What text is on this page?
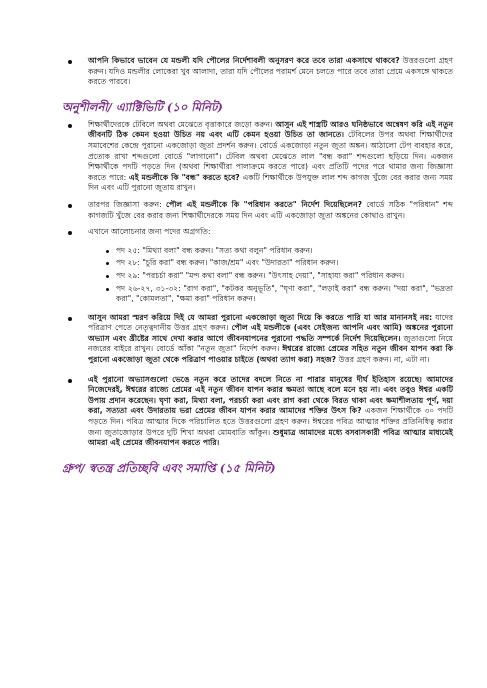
আপনি কিভাবে ভাবেন যে মন্ডলী যদি পৌলের নির্দেশাবলী অনুসরণ করে তবে তারা একসাথে থাকবে? উত্তরগুলো গ্রহণ করুন। যদিও মন্ডলীর লোকেরা খুব আলাদা, তারা যদি পৌলের পরামর্শ মেনে চলতে পারে তবে তারা প্রেমে একসঙ্গে থাকতে করতে পারবে।

অনুশীলনী/ এ্যাক্টিভিটি (১০ মিনিট)

শিক্ষার্থীদেরকে টেবিলে অথবা মেঝেতে বৃত্তাকারে জড়ো করুন। আসুন এই শাস্ত্রটি আরও ঘনিষ্ঠভাবে অন্বেষণ করি এই নতুন জীবনটি ঠিক কেমন হওয়া উচিত নয় এবং এটি কেমন হওয়া উচিত তা জানতে। টেবিলের উপর অথবা শিক্ষার্থীদের সমাবেশের কেন্দ্রে পুরানো একজোড়া জুতা প্রদর্শন করুন। বোর্ডে একজোড়া নতুন জুতা অঙ্কন। আঠালো টেপ ব্যবহার করে, প্রত্যেক রাখা শব্দগুলো বোর্ডে "লাগানো"। টেবিল অথবা মেঝেতে লাল "বন্ধ করা" শব্দগুলো ছড়িয়ে দিন। একজন শিক্ষার্থীকে পদটি পড়তে দিন (অথবা শিক্ষার্থীরা পালাক্রমে করতে পারে) এবং প্রতিটি পদের পরে থামার জন্য জিজ্ঞাসা করতে পারে: এই মন্ডলীকে কি "বন্ধ" করতে হবে? একটি শিক্ষার্থীকে উপযুক্ত লাল শব্দ কাগজ খুঁজে বের করার জন্য সময় দিন এবং এটি পুরানো জুতায় রাখুন।

তারপর জিজ্ঞাসা করুন: পৌল এই মন্ডলীকে কি "পরিধান করতে" নির্দেশ দিয়েছিলেন? বোর্ডে সঠিক "পরিধান" শব্দ কাগজটি খুঁজে বের করার জন্য শিক্ষার্থীদেরকে সময় দিন এবং এটি একজোড়া জুতা অঙ্কনের কোথাও রাখুন।

এখানে আলোচনার জন্য পদের অগ্রগতি:

পদ ২৫: "মিথ্যা বলা" বন্ধ করুন। "সত্য কথা বলুন" পরিধান করুন।
পদ ২৮: "চুরি করা" বন্ধ করুন। "কাজ/শ্রম" এবং "উদারতা" পরিধান করুন।
পদ ২৯: "পরচর্চা করা" "মন্দ কথা বলা" বন্ধ করুন। "উৎসাহ দেয়া", "সাহায্য করা" পরিধান করুন।
পদ ২৬-২৭, ৩১-৩২: "রাগ করা", "কটকর অনুভূতি", "ঘৃণা করা", "লড়াই করা" বন্ধ করুন। "দয়া করা", "ভদ্রতা করা", "কোমলতা", "ক্ষমা করা" পরিধান করুন।

আসুন আমরা স্মরণ করিয়ে দিই যে আমরা পুরানো একজোড়া জুতা দিয়ে কি করতে পারি যা আর মানানসই নয়: যাদের পরিত্রাণ পেতে নেতৃত্বদানীয় উত্তর গ্রহণ করুন। পৌল এই মন্ডলীকে (এবং সেইজন্য আপনি এবং আমি) অঙ্কনের পুরানো অভ্যাস এবং খ্রীষ্টের সাথে দেখা করার আগে জীবনযাপনের পুরানো পদ্ধতি সম্পর্কে নির্দেশ দিয়েছিলেন। জুতাগুলো নিয়ে নজরের বাইরে রাখুন। বোর্ডে আঁকা "নতুন জুতা" নির্দেশ করুন। ঈশ্বরের রাজ্যে প্রেমের সহিত নতুন জীবন যাপন করা কি পুরানো একজোড়া জুতা থেকে পরিত্রাণ পাওয়ার চাইতে (অথবা ত্যাগ করা) সহজ? উত্তর গ্রহণ করুন। না, এটা না।

এই পুরানো অভ্যাসগুলো ভেঙে নতুন করে তাদের বদলে নিতে না পারার মানুষের দীর্ঘ ইতিহাস রয়েছে। আমাদের নিজেদেরই, ঈশ্বরের রাজ্যে প্রেমের এই নতুন জীবন যাপন করার ক্ষমতা আছে বলে মনে হয় না। এবং তবুও ঈশ্বর একটি উপায় প্রদান করেছেন। ঘৃণা করা, মিথ্যা বলা, পরচর্চা করা এবং রাগ করা থেকে বিরত থাকা এবং ক্ষমাশীলতায় পূর্ণ, দয়া করা, সত্যতা এবং উদারতায় ভরা প্রেমের জীবন যাপন করার আমাদের শক্তির উৎস কি? একজন শিক্ষার্থীকে ৩০ পদটি পড়তে দিন। পবিত্র আত্মার দিকে পরিচালিত হতে উত্তরগুলো গ্রহণ করুন। ঈশ্বরের পবিত্র আত্মার শক্তির প্রতিনিধিত্ব করার জন্য জুতাজোড়ার উপরে দুটি শিখা অথবা মোমবাতি আঁকুন। শুধুমাত্র আমাদের মধ্যে বসবাসকারী পবিত্র আত্মার মাধ্যমেই আমরা এই প্রেমের জীবনযাপন করতে পারি।

গ্রুপ/ স্বতন্ত্র প্রতিচ্ছবি এবং সমাপ্তি (১৫ মিনিট)
